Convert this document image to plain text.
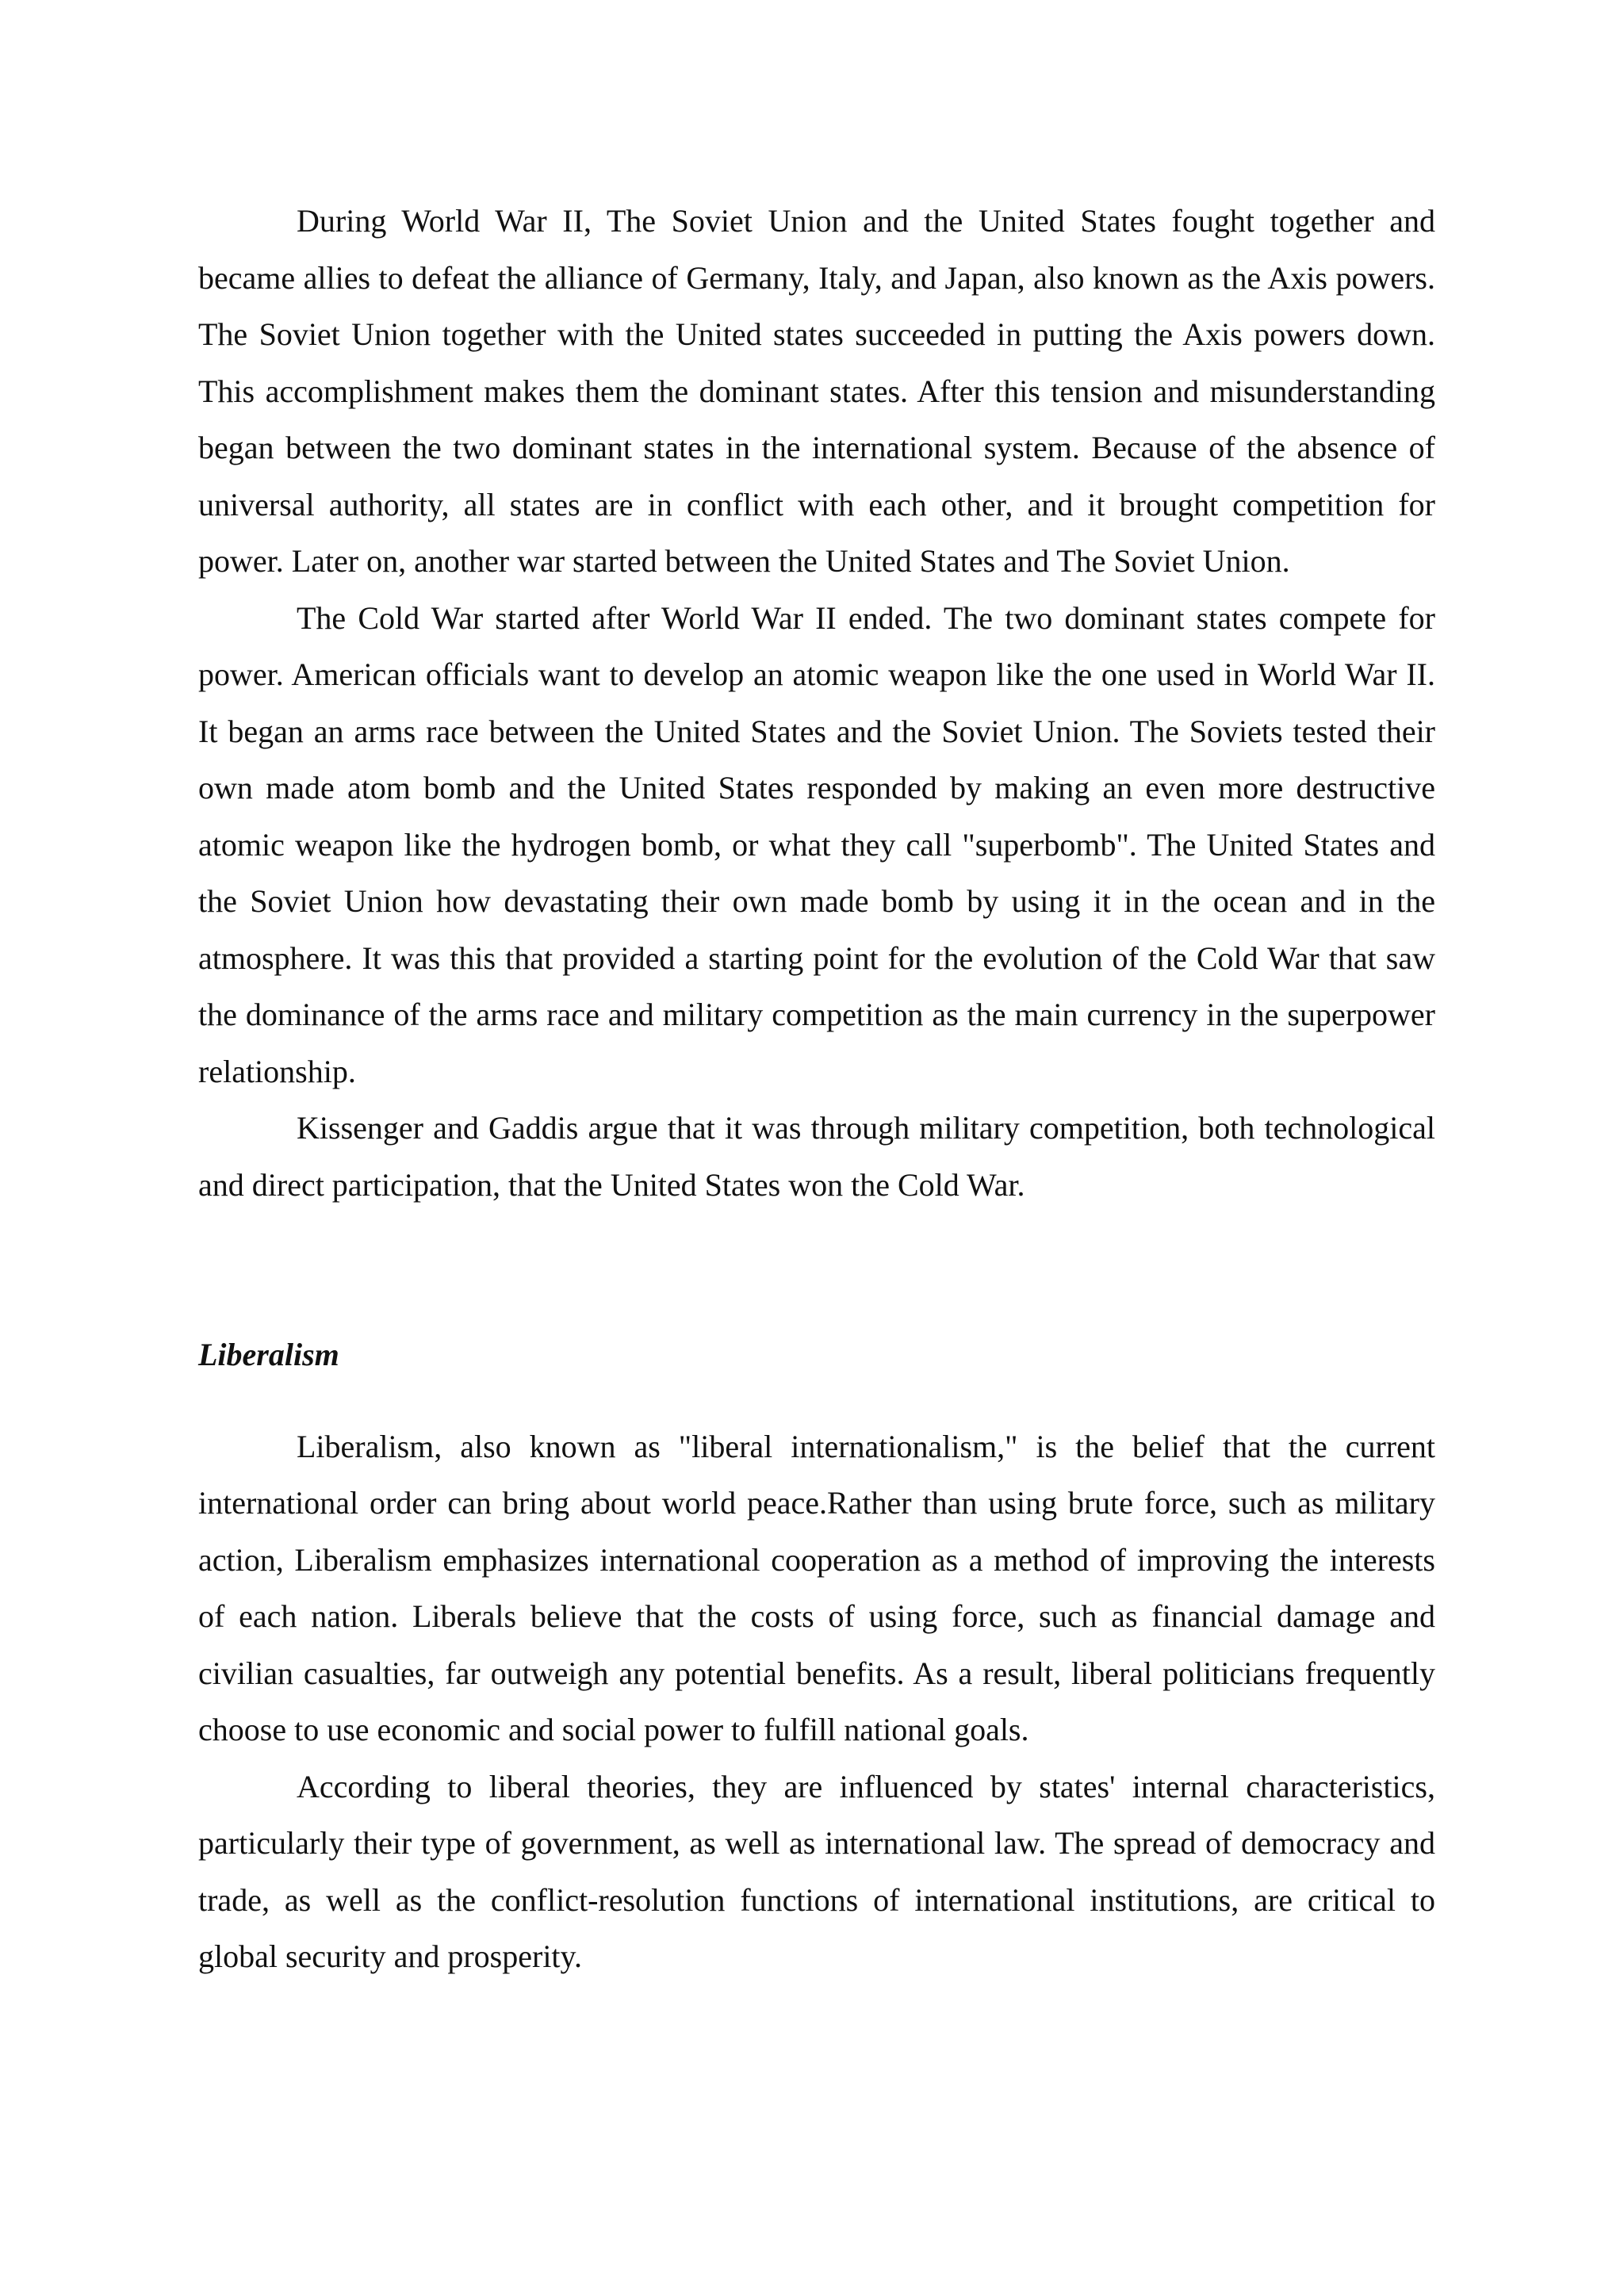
During World War II, The Soviet Union and the United States fought together and became allies to defeat the alliance of Germany, Italy, and Japan, also known as the Axis powers. The Soviet Union together with the United states succeeded in putting the Axis powers down. This accomplishment makes them the dominant states. After this tension and misunderstanding began between the two dominant states in the international system. Because of the absence of universal authority, all states are in conflict with each other, and it brought competition for power. Later on, another war started between the United States and The Soviet Union.

The Cold War started after World War II ended. The two dominant states compete for power. American officials want to develop an atomic weapon like the one used in World War II. It began an arms race between the United States and the Soviet Union. The Soviets tested their own made atom bomb and the United States responded by making an even more destructive atomic weapon like the hydrogen bomb, or what they call "superbomb". The United States and the Soviet Union how devastating their own made bomb by using it in the ocean and in the atmosphere. It was this that provided a starting point for the evolution of the Cold War that saw the dominance of the arms race and military competition as the main currency in the superpower relationship.

Kissenger and Gaddis argue that it was through military competition, both technological and direct participation, that the United States won the Cold War.

Liberalism

Liberalism, also known as "liberal internationalism," is the belief that the current international order can bring about world peace.Rather than using brute force, such as military action, Liberalism emphasizes international cooperation as a method of improving the interests of each nation. Liberals believe that the costs of using force, such as financial damage and civilian casualties, far outweigh any potential benefits. As a result, liberal politicians frequently choose to use economic and social power to fulfill national goals.

According to liberal theories, they are influenced by states' internal characteristics, particularly their type of government, as well as international law. The spread of democracy and trade, as well as the conflict-resolution functions of international institutions, are critical to global security and prosperity.
